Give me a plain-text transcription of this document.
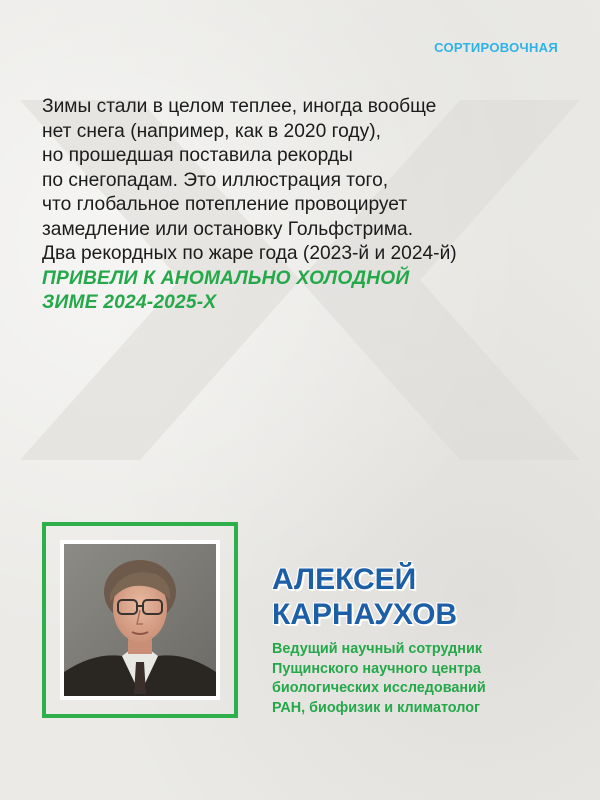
СОРТИРОВОЧНАЯ

Зимы стали в целом теплее, иногда вообще
нет снега (например, как в 2020 году),
но прошедшая поставила рекорды
по снегопадам. Это иллюстрация того,
что глобальное потепление провоцирует
замедление или остановку Гольфстрима.
Два рекордных по жаре года (2023-й и 2024-й)
ПРИВЕЛИ К АНОМАЛЬНО ХОЛОДНОЙ
ЗИМЕ 2024-2025-Х

АЛЕКСЕЙ
КАРНАУХОВ

Ведущий научный сотрудник
Пущинского научного центра
биологических исследований
РАН, биофизик и климатолог
